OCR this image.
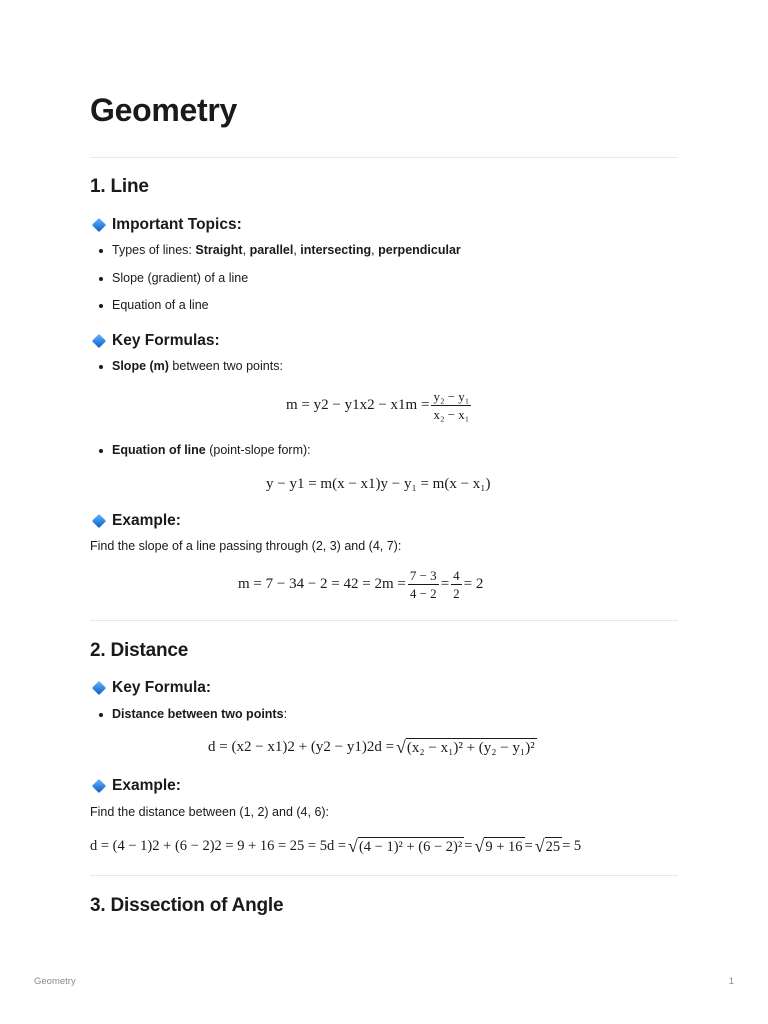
Geometry
1. Line
Important Topics:
Types of lines: Straight, parallel, intersecting, perpendicular
Slope (gradient) of a line
Equation of a line
Key Formulas:
Slope (m) between two points:
$m = y2 - y1x2 - x1m = \frac{\text{y₂ − y₁}}{\text{x₂ − x₁}}$
Equation of line (point-slope form):
y − y1 = m(x − x1)y − y₁ = m(x − x₁)
Example:

Find the slope of a line passing through (2, 3) and (4, 7):

$m = 7 - 34 - 2 = 42 = 2m = \frac{7 - 3}{4 - 2} = \frac{4}{2} = 2$
2. Distance
Key Formula:
Distance between two points:
d = (x2 − x1)2 + (y2 − y1)2d = √ (x₂ − x₁)² + (y₂ − y₁)²
Example:

Find the distance between (1, 2) and (4, 6):

d = (4 − 1)2 + (6 − 2)2 = 9 + 16 = 25 = 5d = √ (4 − 1)² + (6 − 2)² = √ 9 + 16 = √ 25 = 5
3. Dissection of Angle
Geometry	1
